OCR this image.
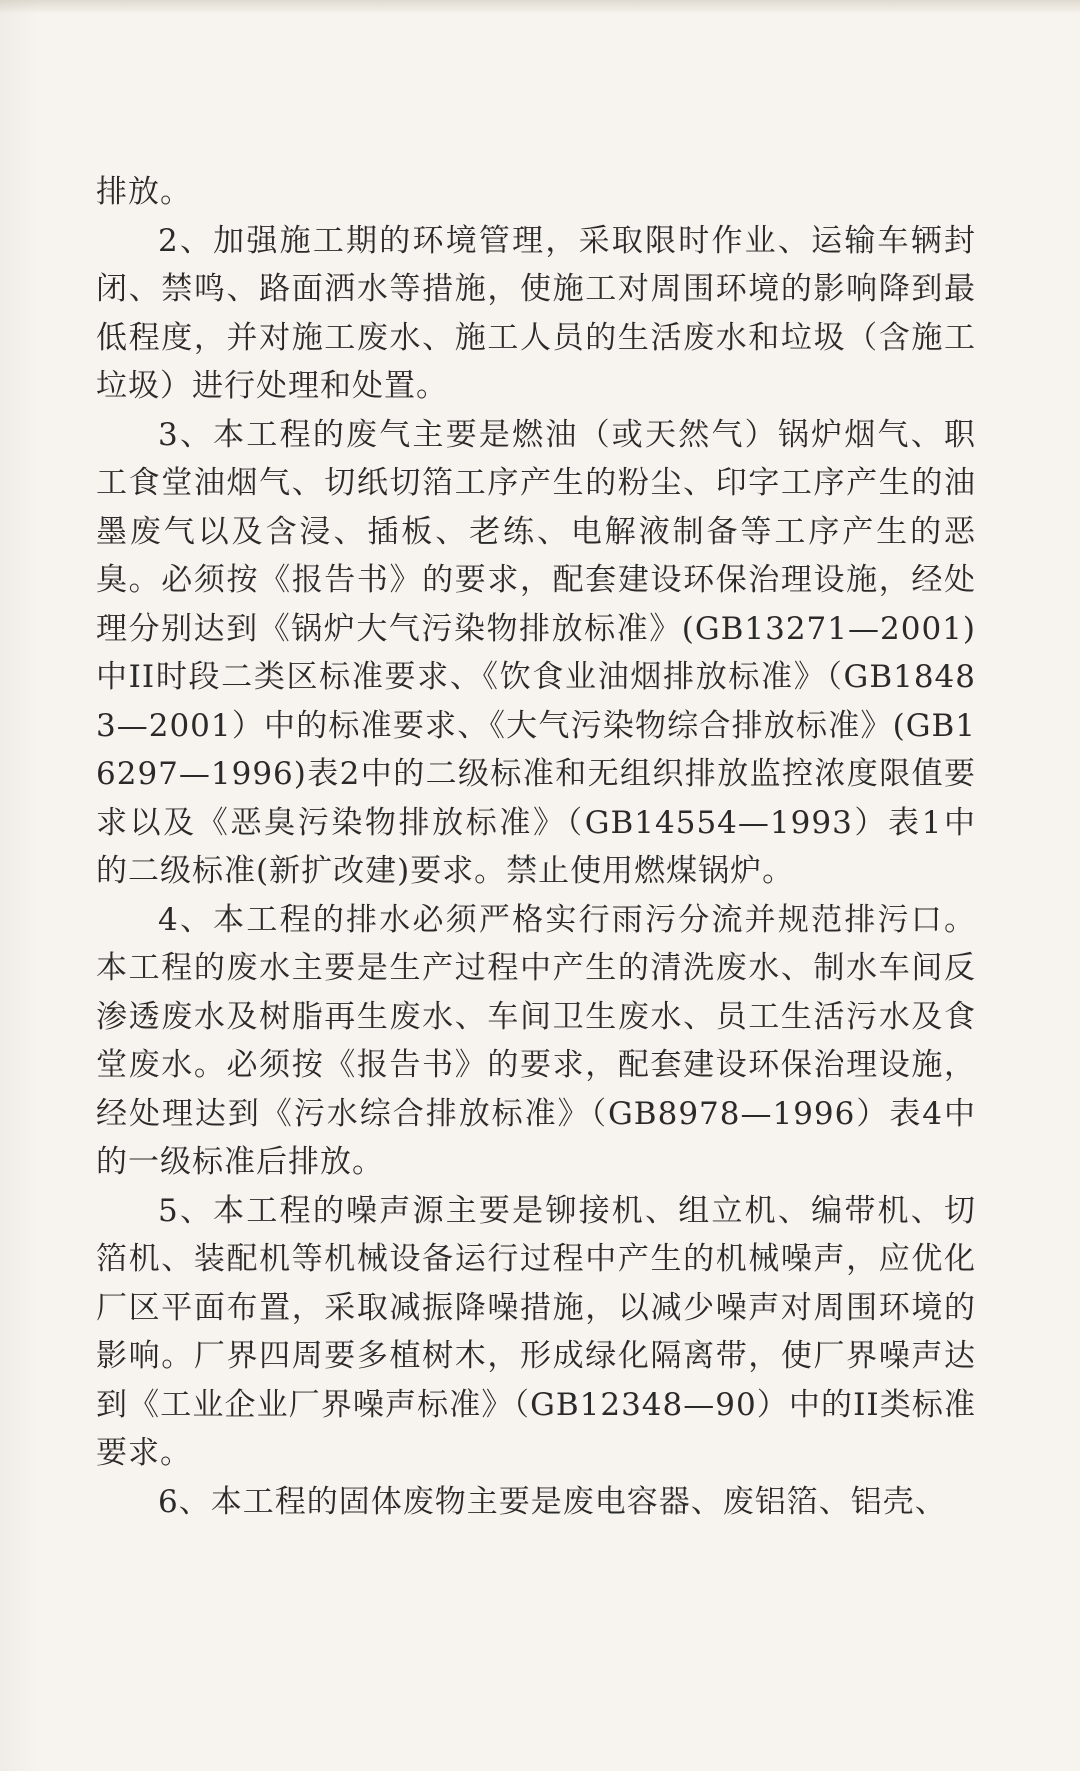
排放。

2、加强施工期的环境管理，采取限时作业、运输车辆封闭、禁鸣、路面洒水等措施，使施工对周围环境的影响降到最低程度，并对施工废水、施工人员的生活废水和垃圾（含施工垃圾）进行处理和处置。

3、本工程的废气主要是燃油（或天然气）锅炉烟气、职工食堂油烟气、切纸切箔工序产生的粉尘、印字工序产生的油墨废气以及含浸、插板、老练、电解液制备等工序产生的恶臭。必须按《报告书》的要求，配套建设环保治理设施，经处理分别达到《锅炉大气污染物排放标准》(GB13271—2001)中II时段二类区标准要求、《饮食业油烟排放标准》（GB18483—2001）中的标准要求、《大气污染物综合排放标准》(GB16297—1996)表2中的二级标准和无组织排放监控浓度限值要求以及《恶臭污染物排放标准》（GB14554—1993）表1中的二级标准(新扩改建)要求。禁止使用燃煤锅炉。

4、本工程的排水必须严格实行雨污分流并规范排污口。本工程的废水主要是生产过程中产生的清洗废水、制水车间反渗透废水及树脂再生废水、车间卫生废水、员工生活污水及食堂废水。必须按《报告书》的要求，配套建设环保治理设施，经处理达到《污水综合排放标准》（GB8978—1996）表4中的一级标准后排放。

5、本工程的噪声源主要是铆接机、组立机、编带机、切箔机、装配机等机械设备运行过程中产生的机械噪声，应优化厂区平面布置，采取减振降噪措施，以减少噪声对周围环境的影响。厂界四周要多植树木，形成绿化隔离带，使厂界噪声达到《工业企业厂界噪声标准》（GB12348—90）中的II类标准要求。

6、本工程的固体废物主要是废电容器、废铝箔、铝壳、
